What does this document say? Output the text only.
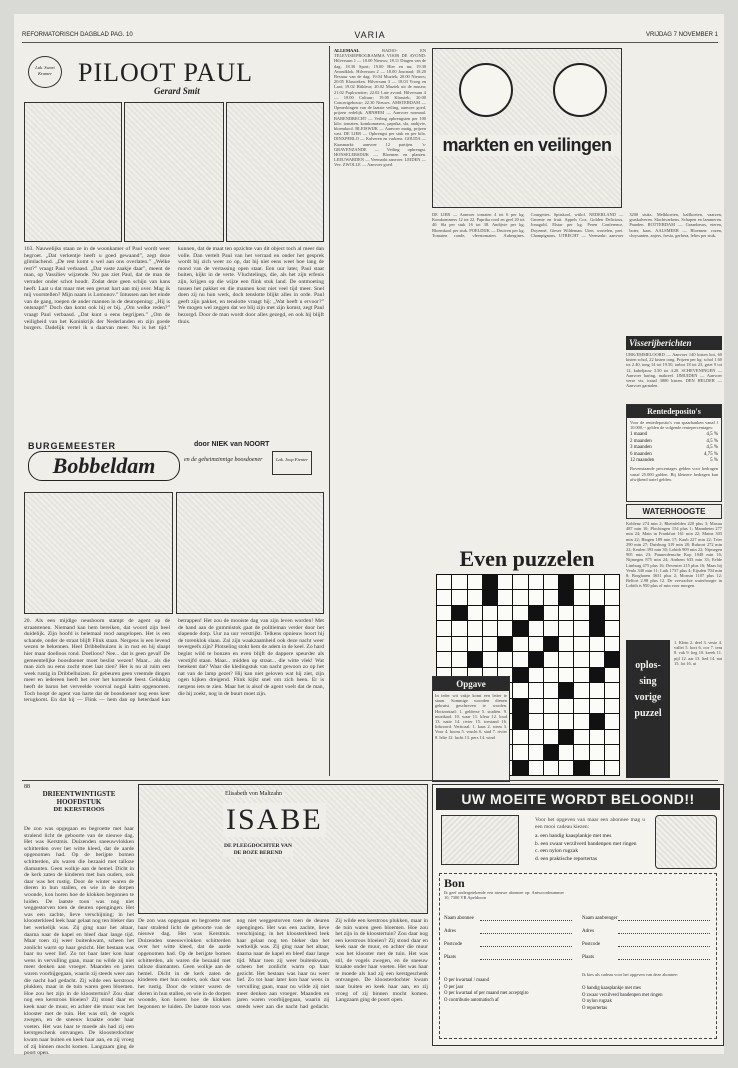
REFORMATORISCH DAGBLAD PAG. 10	VARIA	VRIJDAG 7 NOVEMBER 1
Lak. Swart Kramer	PILOOT PAUL
Gerard Smit
163. Nauwelijks staan ze in de woonkamer of Paul wordt weer begroet. „Dat verkentje heeft u goed gewaand”, zegt deze glimlachend. „De rest komt u wel aan ons overlaten.” „Welke rest?” vraagt Paul verbaasd. „Dat vaste zaakje daar”, meent de man, op Vassiliev wijzende. Nu pas ziet Paul, dat de man de verrader onder schot houdt. Zodat deze geen schijn van kans heeft. Laat u dat maar met een gerust hart aan mij over. Mag ik mij voorstellen? Mijn naam is Lomonov.” Intussen aan het einde van de gang, roepen de ander mannen in de deuropening: „Hij is ontsnapt!” Doch dan komt ook hij er bij. „Om welke reden?” vraagt Paul verbaasd. „Dat kunt u eens begrijpen.” „Om de veiligheid van het Koninkrijk der Nederlanden en zijn goede burgers. Dadelijk vertel ik u daarvan meer. Nu is het tijd.” kunnen, dat de maat ten opzichte van dit object toch al meer dan volle. Dan vertelt Paul van het verraad en onder het gesprek wordt hij zich weer zo op, dat hij niet eens weet hoe lang de mond van de verrassing open staat. Een uur later, Paul staat buiten, kijkt in de verte. Vluchtelings, die, als het zijn erfenis zijn, krijgen op die wijze een flink stuk land. De ontmoeting tussen het pakket en die mannen kost niet veel tijd meer. Snel doen zij nu hun werk, doch tenslotte blijkt alles in orde. Paul geeft zijn pakket, en tenslotte vraagt hij: „Wat heeft u ervoor?” We mogen wel zeggen dat we blij zijn met zijn komst, zegt Paul bezorgd. Door de man wordt door alles gezegd, en ook hij blijft thuis.
BURGEMEESTER	door NIEK van NOORT
Bobbeldam	en de geheimzinnige boosdoener	Lak. Joop Fienter
20. Als een mijdige neushoorn stampt de agent op de straatstenen. Niemand kan hem bereiken, dat woord zijn heel duidelijk. Zijn hoofd is helemaal rood aangelopen. Het is een schande, onder de straat blijft Flink staan. Nergens is een levend wezen te bekennen. Heel Dribbelhuizen is in rust en hij slaapt hier maar doelloos rond. Doelloos? Nee... dat is geen geval! De gemeentelijke boosdoener moet beslist wezen! Maar... als die man zich nu eens zocht moet laat zien? Het is nu al ruim een week rustig in Dribbelhuizen. Er gebeuren geen vreemde dingen meer en iedereen heeft het over het komende feest. Gelukkig heeft de baron het verveelde voorval nogal kalm opgenomen. Toch hoopt de agent van harte dat de boosdoener nog eens keer terugkomt. En dat hij — Flink — hem dan op heterdaad kan betrappen! Het zou de mooiste dag van zijn leven worden! Met de hand aan de gummistok gaat de politieman verder door het slapende dorp. Uur na uur verstrijkt. Telkens opnieuw hoort hij de torenklok slaan. Zal zijn waakzaamheid ook deze nacht weer tevergeefs zijn? Plotseling stokt hem de adem in de keel. Zo hard begint wild te bonzen en even blijft de dappere speurder als verstijfd staan. Maar... midden op straat... die witte vlek! Wat betekent dat? Waar die kledingstuk van nacht gewoon zo op het nat van de lamp gezet? Hij kan niet geloven wat hij ziet, zijn ogen kijken dreigend. Flink kijkt snel om zich heen. Er is nergens iets te zien. Maar het is alsof de agent voelt dat de man, die hij zoekt, nog in de buurt moet zijn.
ALLEMAAL	RADIO- EN TELEVISIEPROGRAMMA VOOR DE AVOND: Hilversum 1 — 18.00 Nieuws; 18.11 Dingen van de dag; 18.30 Sport; 19.00 Hier en nu; 19.30 Avondklok. Hilversum 2 — 18.00 Journaal; 18.20 Bestuur van de dag; 19.04 Muziek; 20.00 Nieuws; 20.05 Klassieken. Hilversum 3 — 18.03 Vroeg en Laat; 19.02 Hitkleur; 20.02 Muziek uit de musea; 21.02 Popkwartier; 22.02 Late avond. Hilversum 4 — 18.00 Cultuur; 19.00 Klassiek; 20.00 Concertgebouw; 22.30 Nieuws. AMSTERDAM — Opmerkingen van de laatste veiling, aanvoer goed, prijzen redelijk. ARNHEM — Aanvoer normaal. BARENDRECHT — Veiling opbrengsten per 100 kilo: tomaten, komkommers, paprika, sla, andijvie, bloemkool. BLEISWIJK — Aanvoer matig, prijzen vast. DE LIER — Opbrengst per stuk en per kilo. DINXPERLO — Kalveren en varkens. GOUDA — Kaasmarkt: aanvoer 12 partijen. 's-GRAVENZANDE — Veiling opbrengst. HONSELERSDIJK — Bloemen en planten. LEEUWARDEN — Veemarkt aanvoer. LEIDEN — Vee. ZWOLLE — Aanvoer goed.
markten en veilingen
DE LIER — Aanvoer tomaten 4 tot 6 per kg. Komkommers 12 tot 22. Paprika rood en geel 20 tot 40. Sla per stuk 16 tot 38. Andijvie per kg. Bloemkool per stuk. POELDIJK — Druiven per kg. Tomaten ronde, vleestomaten. Aubergines. Courgettes. Spitskool, witlof. NEDERLAND — Groente en fruit. Appels Cox, Golden Delicious, Jonagold, Elstar per kg. Peren Conference, Doyenné, Gieser Wildeman. Uien, wortelen, prei. Champignons. UTRECHT — Veemarkt: aanvoer 3200 stuks. Melkkoeien, kalfkoeien, vaarzen, graskalveren. Slachtvarkens. Schapen en lammeren. Paarden. ROTTERDAM — Graanbeurs, eieren, boter, kaas. AALSMEER — Bloemen: rozen, chrysanten, anjers, fresia, gerbera, lelies per stuk.
Visserijberichten
URK/EMMELOORD — Aanvoer 140 kisten bot, 60 kisten schol, 22 kisten tong. Prijzen per kg: schol 1.60 tot 2.40, tong 14 tot 19.50, tarbot 18 tot 23, griet 9 tot 12, kabeljauw 3.50 tot 4.20. SCHEVENINGEN — Aanvoer haring, makreel. IJMUIDEN — Aanvoer verse vis, totaal 3800 kisten. DEN HELDER — Aanvoer garnalen.
Rentedeposito's
Voor de rentedeposito's van spaarbanken vanaf f 10.000,-- gelden de volgende rentepercentages:
1 maand	4,5 %
2 maanden	4,5 %
3 maanden	4,5 %
6 maanden	4,75 %
12 maanden	5 %
Bovenstaande percentages gelden voor bedragen vanaf 25.000 gulden. Bij kleinere bedragen kan afwijkend tarief gelden.
WATERHOOGTE
Koblenz 274 min 2; Rheinfelden 220 plus 3; Maxau 487 min 10; Plochingen 154 plus 1; Mannheim 277 min 24; Main in Frankfurt 161 min 22; Mainz 303 min 22; Bingen 189 min 17; Kaub 227 min 22; Trier 290 min 27; Duisburg 319 min 28; Ruhrort 272 min 22; Keulen 393 min 30; Lobith 909 min 22; Nijmegen 905 min 23; Pannerdensche Kop 1048 min 16; Nijmegen 875 min 24; Arnhem 633 min 33; Eelde Limburg 475 plus 16; Deventer 215 plus 16; Maas bij Venlo 340 min 11; Luik 1737 plus 4; Eijsden 704 min 8; Borgharen 3631 plus 2; Monsin 1107 plus 12; Belfort 2.98 plus 12. De verwachte waterhoogte in Lobith is 950 plus of min voor morgen.
Even puzzelen
Opgave
In ieder wit vakje komt een letter te staan. Sommige woorden dienen gekruist geschreven te worden. Horizontaal: 1. gelderse 5. studiën. 9. muzikaal. 10. waar 11. kleur 12. lood 13. natie 14. rivier 15. toestand 16. lidwoord. Verticaal: 1. kaas 2. roem 3. Voor 4. boom 5. vrucht 6. stad 7. rivier 8. lelie 12. lucht 13. pers 14. wind
oplos-
sing
vorige
puzzel
1. Klein 2. deel 3. veste 4. vallei 5. kort 6. oor 7. tent 8. vak 9. heg 10. kreek 11. pijl 12. aar 13. lied 14. nat 15. lot 16. ui
88
DRIEENTWINTIGSTE HOOFDSTUK
DE KERSTROOS
De zon was opgegaan en begroette met haar stralend licht de geboorte van de nieuwe dag. Het was Kerstmis. Duizenden sneeuwvlokken schitterden over het witte kleed, dat de aarde opgenomen had. Op de berijpte bomen schitterden, als waren die bezaaid met talloze diamanten. Geen wolkje aan de hemel. Dicht in de kerk zaten de kinderen met hun ouders, ook daar was het rustig. Door de winter waren de dieren in hun stallen, en wie in de dorpen woonde, kon horen hoe de klokken begonnen te luiden. De laatste toon was nog niet weggestorven toen de deuren opengingen. Het was een zachte, lieve verschijning; in het kloosterkleed leek haar gelaat nog ten bleker dan het werkelijk was. Zij ging naar het altaar, daarna naar de kapel en bleef daar lange tijd. Maar toen zij weer buitenkwam, scheen het zonlicht warm op haar gezicht. Het bestaan was haar nu weer lief. Zo tot haar later kon haar wens in vervulling gaan, maar nu wilde zij niet meer denken aan vroeger. Maanden en jaren waren voorbijgegaan, waarin zij steeds weer aan die nacht had gedacht. Zij wilde een kerstroos plukken, maar in de tuin waren geen bloemen. Hoe zou het zijn in de kloostertuin? Zou daar nog een kerstroos bloeien? Zij stond daar en keek naar de muur, en achter die muur was het klooster met de tuin. Het was stil, de vogels zwegen, en de sneeuw kraakte onder haar voeten. Het was haar te moede als had zij een kerstgeschenk ontvangen. De kloosterdochter kwam naar buiten en keek haar aan, en zij vroeg of zij binnen mocht komen. Langzaam ging de poort open.
Elisabeth von Maltzahn
ISABE
DE PLEEGDOCHTER VAN DE BOZE BEREND
De zon was opgegaan en begroette met haar stralend licht de geboorte van de nieuwe dag. Het was Kerstmis. Duizenden sneeuwvlokken schitterden over het witte kleed, dat de aarde opgenomen had. Op de berijpte bomen schitterden, als waren die bezaaid met talloze diamanten. Geen wolkje aan de hemel. Dicht in de kerk zaten de kinderen met hun ouders, ook daar was het rustig. Door de winter waren de dieren in hun stallen, en wie in de dorpen woonde, kon horen hoe de klokken begonnen te luiden. De laatste toon was nog niet weggestorven toen de deuren opengingen. Het was een zachte, lieve verschijning; in het kloosterkleed leek haar gelaat nog ten bleker dan het werkelijk was. Zij ging naar het altaar, daarna naar de kapel en bleef daar lange tijd. Maar toen zij weer buitenkwam, scheen het zonlicht warm op haar gezicht. Het bestaan was haar nu weer lief. Zo tot haar later kon haar wens in vervulling gaan, maar nu wilde zij niet meer denken aan vroeger. Maanden en jaren waren voorbijgegaan, waarin zij steeds weer aan die nacht had gedacht. Zij wilde een kerstroos plukken, maar in de tuin waren geen bloemen. Hoe zou het zijn in de kloostertuin? Zou daar nog een kerstroos bloeien? Zij stond daar en keek naar de muur, en achter die muur was het klooster met de tuin. Het was stil, de vogels zwegen, en de sneeuw kraakte onder haar voeten. Het was haar te moede als had zij een kerstgeschenk ontvangen. De kloosterdochter kwam naar buiten en keek haar aan, en zij vroeg of zij binnen mocht komen. Langzaam ging de poort open.
UW MOEITE WORDT BELOOND!!
Voor het opgeven van maar een abonnee mag u een mooi cadeau kiezen:
a. een handig kaasplankje met mes
b. een zwaar verzilverd bandenpen met ringen
c. een nylon rugzak
d. een praktische reportertas
Bon
Ik geef ondergetekende een nieuwe abonnee op: Antwoordnummer 10, 7300 VB Apeldoorn
Naam abonnee
Adres
Postcode
Plaats
Naam aanbrenger
Adres
Postcode
Plaats
Ik kies als cadeau voor het opgeven van deze abonnee:
O per kwartaal / maand
O per jaar
O per kwartaal of per maand met acceptgiro
O contributie automatisch af
O handig kaasplankje met mes
O zwaar verzilverd bandenpen met ringen
O nylon rugzak
O reportertas
